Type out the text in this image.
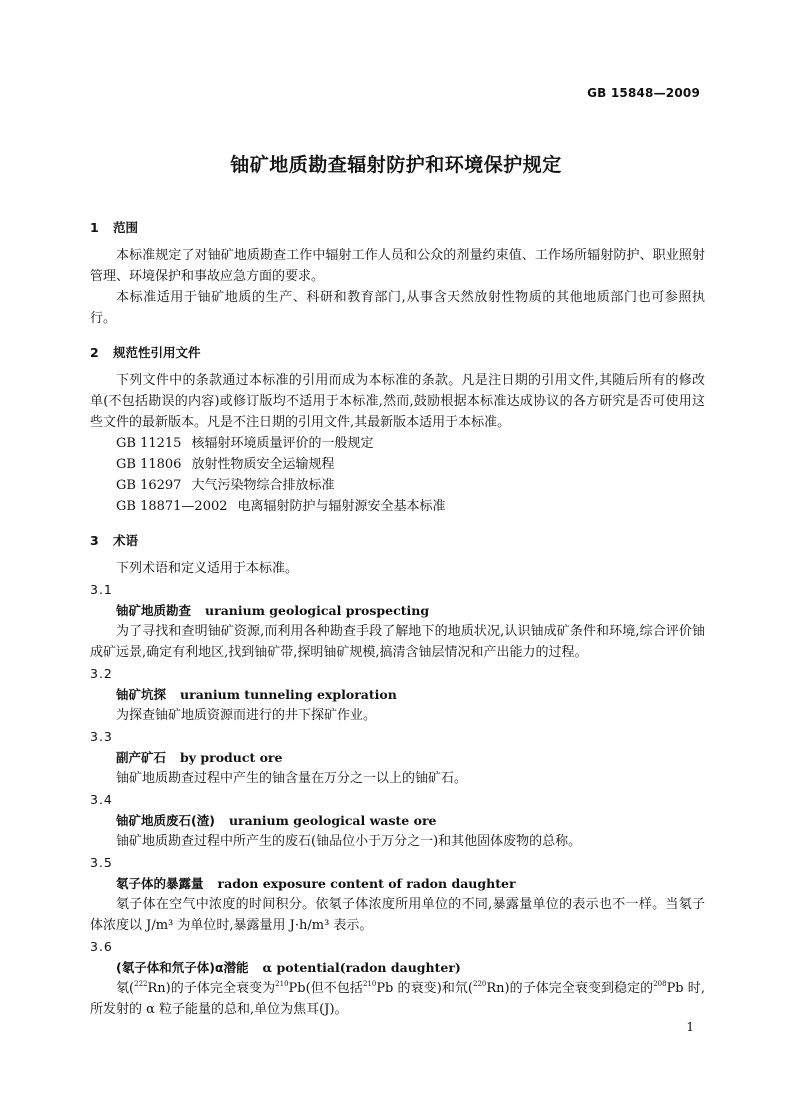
GB 15848—2009
铀矿地质勘查辐射防护和环境保护规定
1 范围

本标准规定了对铀矿地质勘查工作中辐射工作人员和公众的剂量约束值、工作场所辐射防护、职业照射管理、环境保护和事故应急方面的要求。

本标准适用于铀矿地质的生产、科研和教育部门,从事含天然放射性物质的其他地质部门也可参照执行。

2 规范性引用文件

下列文件中的条款通过本标准的引用而成为本标准的条款。凡是注日期的引用文件,其随后所有的修改单(不包括勘误的内容)或修订版均不适用于本标准,然而,鼓励根据本标准达成协议的各方研究是否可使用这些文件的最新版本。凡是不注日期的引用文件,其最新版本适用于本标准。

GB 11215 核辐射环境质量评价的一般规定
GB 11806 放射性物质安全运输规程
GB 16297 大气污染物综合排放标准
GB 18871—2002 电离辐射防护与辐射源安全基本标准
3 术语

下列术语和定义适用于本标准。

3.1
铀矿地质勘查 uranium geological prospecting

为了寻找和查明铀矿资源,而利用各种勘查手段了解地下的地质状况,认识铀成矿条件和环境,综合评价铀成矿远景,确定有利地区,找到铀矿带,探明铀矿规模,搞清含铀层情况和产出能力的过程。

3.2
铀矿坑探 uranium tunneling exploration

为探查铀矿地质资源而进行的井下探矿作业。

3.3
副产矿石 by product ore

铀矿地质勘查过程中产生的铀含量在万分之一以上的铀矿石。

3.4
铀矿地质废石(渣) uranium geological waste ore

铀矿地质勘查过程中所产生的废石(铀品位小于万分之一)和其他固体废物的总称。

3.5
氡子体的暴露量 radon exposure content of radon daughter

氡子体在空气中浓度的时间积分。依氡子体浓度所用单位的不同,暴露量单位的表示也不一样。当氡子体浓度以 J/m³ 为单位时,暴露量用 J·h/m³ 表示。

3.6
(氡子体和氘子体)α潜能 α potential(radon daughter)

氡($^{222}$Rn)的子体完全衰变为$^{210}$Pb(但不包括$^{210}$Pb 的衰变)和氘($^{220}$Rn)的子体完全衰变到稳定的$^{208}$Pb 时,所发射的 α 粒子能量的总和,单位为焦耳(J)。

1
